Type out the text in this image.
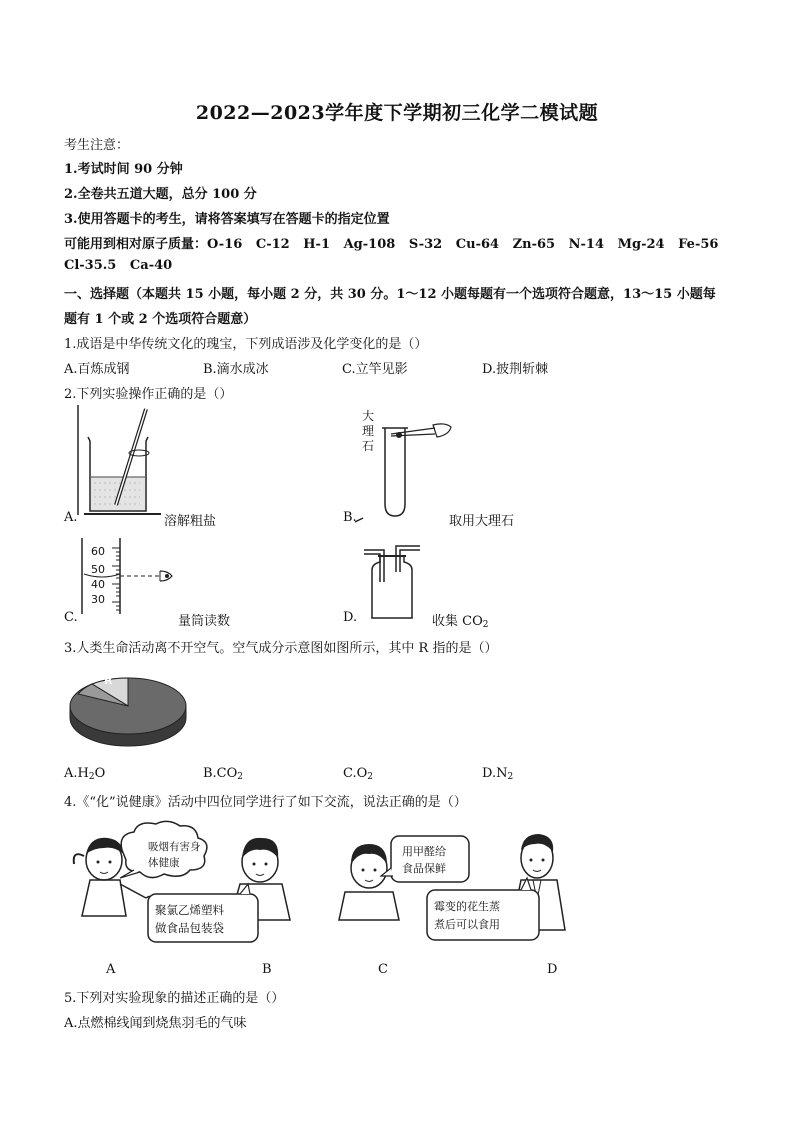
2022—2023学年度下学期初三化学二模试题
考生注意：
1.考试时间 90 分钟
2.全卷共五道大题，总分 100 分
3.使用答题卡的考生，请将答案填写在答题卡的指定位置
可能用到相对原子质量：O-16   C-12   H-1   Ag-108   S-32   Cu-64   Zn-65   N-14   Mg-24   Fe-56
Cl-35.5   Ca-40
一、选择题（本题共 15 小题，每小题 2 分，共 30 分。1～12 小题每题有一个选项符合题意，13～15 小题每
题有 1 个或 2 个选项符合题意）
1.成语是中华传统文化的瑰宝，下列成语涉及化学变化的是（）
A.百炼成钢	B.滴水成冰	C.立竿见影	D.披荆斩棘
2.下列实验操作正确的是（）
A.	溶解粗盐
大
理
石
B.	取用大理石
60
50
40
30
C.	量筒读数	D.	收集 $CO_2$
3.人类生命活动离不开空气。空气成分示意图如图所示，其中 R 指的是（）
R
$A.H_2O$	$B.CO_2$	$C.O_2$	$D.N_2$
4.《“化”说健康》活动中四位同学进行了如下交流，说法正确的是（）
吸烟有害身
体健康
聚氯乙烯塑料
做食品包装袋
用甲醛给
食品保鲜
霉变的花生蒸
煮后可以食用
A	B	C	D
5.下列对实验现象的描述正确的是（）
A.点燃棉线闻到烧焦羽毛的气味
